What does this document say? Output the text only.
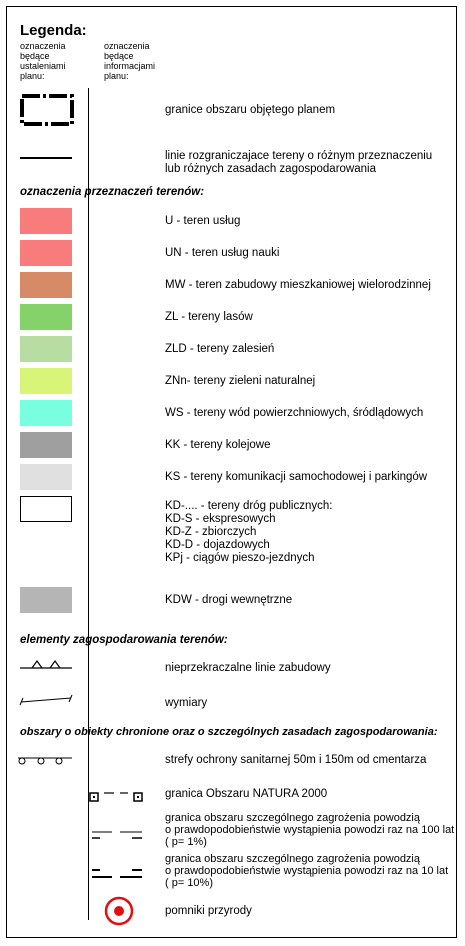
Legenda:
oznaczenia będące ustaleniami planu:
oznaczenia będące informacjami planu:
granice obszaru objętego planem
linie rozgraniczajace tereny o różnym przeznaczeniu lub różnych zasadach zagospodarowania
oznaczenia przeznaczeń terenów:
U - teren usług
UN - teren usług nauki
MW - teren zabudowy mieszkaniowej wielorodzinnej
ZL - tereny lasów
ZLD - tereny zalesień
ZNn- tereny zieleni naturalnej
WS - tereny wód powierzchniowych, śródlądowych
KK - tereny kolejowe
KS - tereny komunikacji samochodowej i parkingów
KD-.... - tereny dróg publicznych:
KD-S - ekspresowych
KD-Z - zbiorczych
KD-D - dojazdowych
KPj - ciągów pieszo-jezdnych
KDW - drogi wewnętrzne
elementy zagospodarowania terenów:
nieprzekraczalne linie zabudowy
wymiary
obszary o obiekty chronione oraz o szczególnych zasadach zagospodarowania:
strefy ochrony sanitarnej 50m i 150m od cmentarza
granica Obszaru NATURA 2000
granica obszaru szczególnego zagrożenia powodzią
o prawdopodobieństwie wystąpienia powodzi raz na 100 lat
( p= 1%)
granica obszaru szczególnego zagrożenia powodzią
o prawdopodobieństwie wystąpienia powodzi raz na 10 lat
( p= 10%)
pomniki przyrody
